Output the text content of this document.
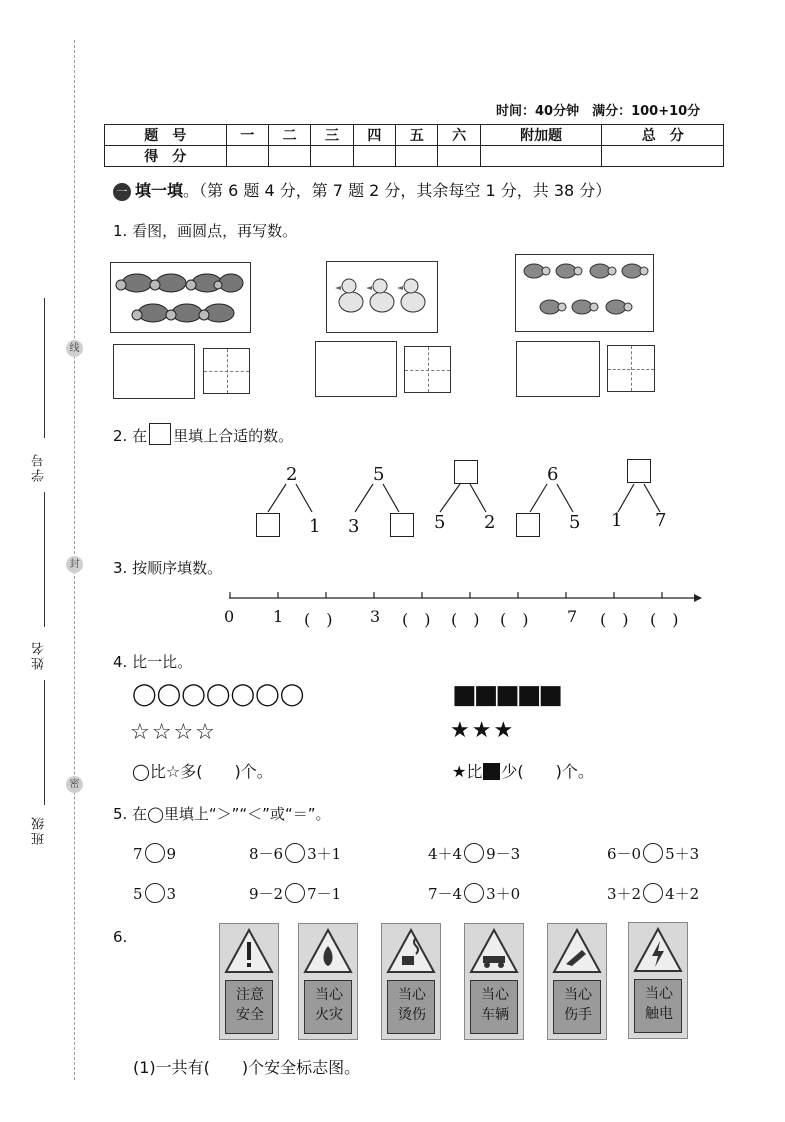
线
封
密
学号
姓名
班级
时间：40分钟　满分：100+10分
题　号	一	二	三	四	五	六	附加题	总　分
得　分								
一 填一填。（第 6 题 4 分，第 7 题 2 分，其余每空 1 分，共 38 分）
1. 看图，画圆点，再写数。
2. 在 里填上合适的数。
2
1
5
3	5 2
6
5 1 7
3. 按顺序填数。
0 1 (　) 3 (　) (　) (　) 7 (　) (　)
4. 比一比。
◯◯◯◯◯◯◯	■■■■■
☆☆☆☆	★★★
◯比☆多(　　)个。	★比 少(　　)个。
5. 在◯里填上“＞”“＜”或“＝”。
7 9	8－6 3＋1	4＋4 9－3	6－0 5＋3
5 3	9－2 7－1	7－4 3＋0	3＋2 4＋2
6.
注意
安全
当心
火灾
当心
烫伤
当心
车辆
当心
伤手
当心
触电
(1)一共有(　　)个安全标志图。
